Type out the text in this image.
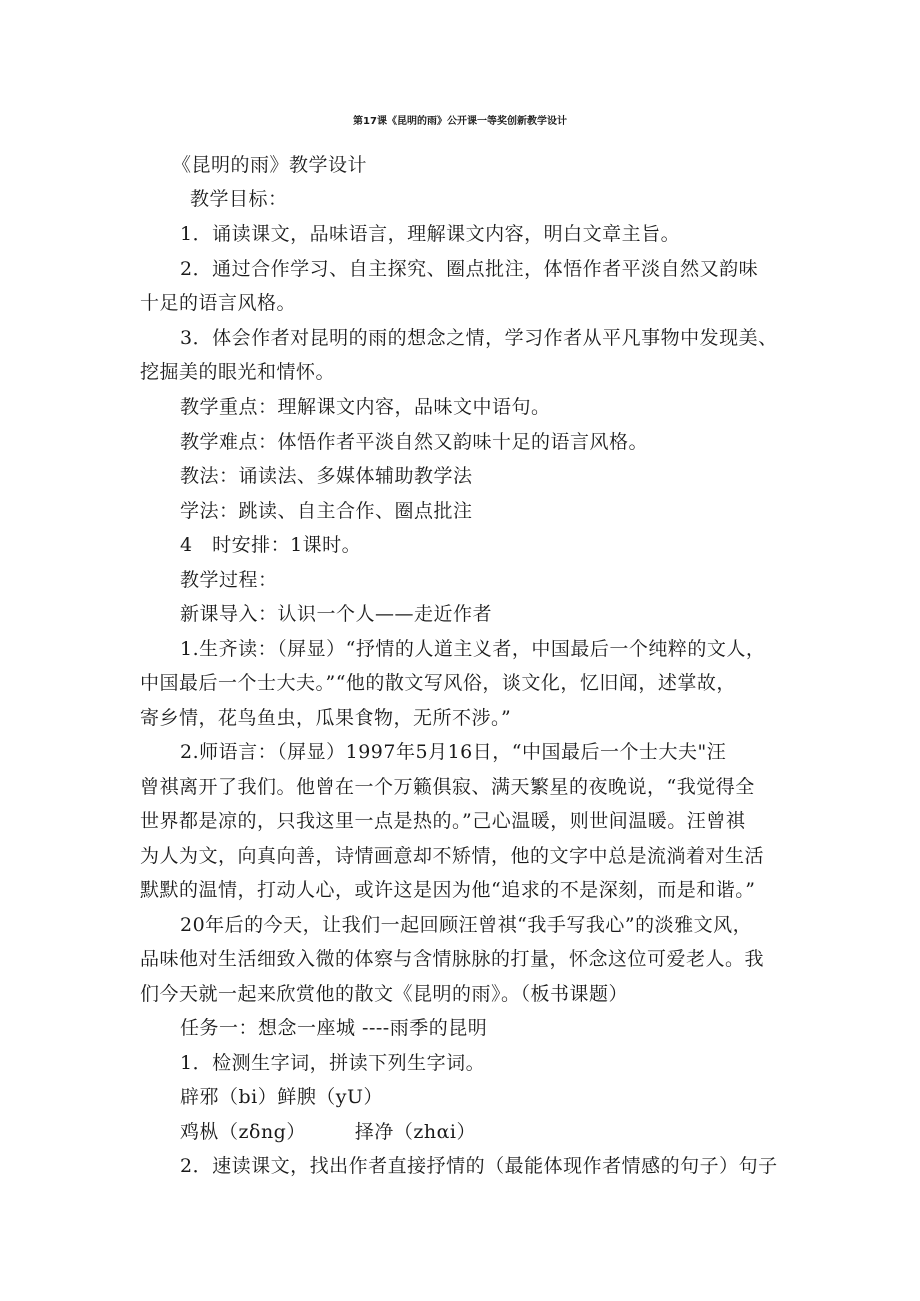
第17课《昆明的雨》公开课一等奖创新教学设计
《昆明的雨》教学设计
教学目标：
1．诵读课文，品味语言，理解课文内容，明白文章主旨。
2．通过合作学习、自主探究、圈点批注，体悟作者平淡自然又韵味
十足的语言风格。
3．体会作者对昆明的雨的想念之情，学习作者从平凡事物中发现美、
挖掘美的眼光和情怀。
教学重点：理解课文内容，品味文中语句。
教学难点：体悟作者平淡自然又韵味十足的语言风格。
教法：诵读法、多媒体辅助教学法
学法：跳读、自主合作、圈点批注
4　时安排：1课时。
教学过程：
新课导入：认识一个人——走近作者
1.生齐读：（屏显）“抒情的人道主义者，中国最后一个纯粹的文人，
中国最后一个士大夫。”“他的散文写风俗，谈文化，忆旧闻，述掌故，
寄乡情，花鸟鱼虫，瓜果食物，无所不涉。”
2.师语言：（屏显）1997年5月16日，“中国最后一个士大夫"汪
曾祺离开了我们。他曾在一个万籁俱寂、满天繁星的夜晚说，“我觉得全
世界都是凉的，只我这里一点是热的。”己心温暖，则世间温暖。汪曾祺
为人为文，向真向善，诗情画意却不矫情，他的文字中总是流淌着对生活
默默的温情，打动人心，或许这是因为他“追求的不是深刻，而是和谐。”
20年后的今天，让我们一起回顾汪曾祺“我手写我心”的淡雅文风，
品味他对生活细致入微的体察与含情脉脉的打量，怀念这位可爱老人。我
们今天就一起来欣赏他的散文《昆明的雨》。（板书课题）
任务一：想念一座城 ----雨季的昆明
1．检测生字词，拼读下列生字词。
辟邪（bi）鲜腴（yU）
鸡枞（zδng）　　　择净（zhαi）
2．速读课文，找出作者直接抒情的（最能体现作者情感的句子）句子
